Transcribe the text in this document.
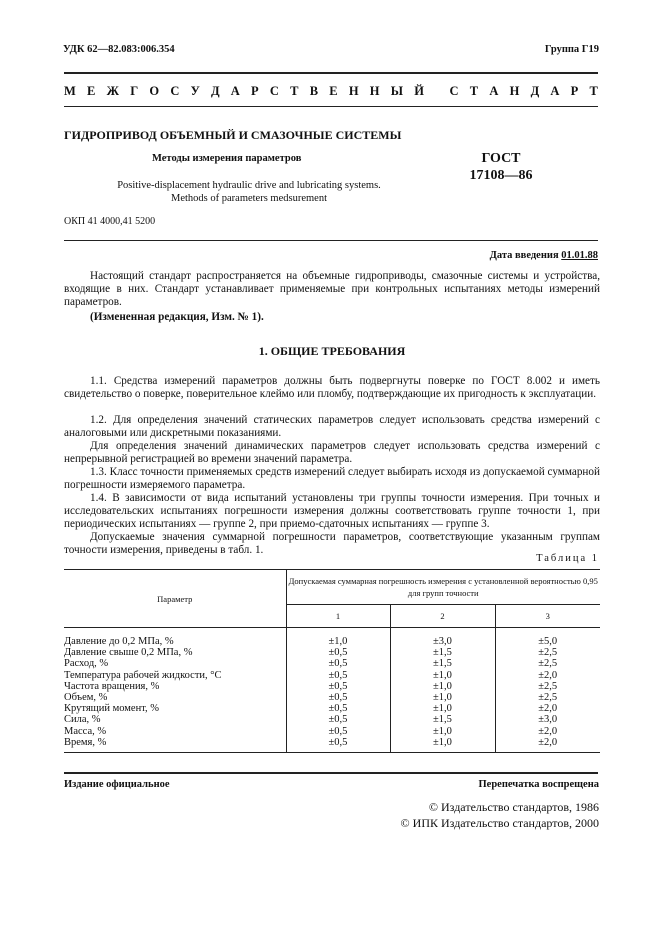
УДК 62—82.083:006.354	Группа Г19
М Е Ж Г О С У Д А Р С Т В Е Н Н Ы Й
С Т А Н Д А Р Т
ГИДРОПРИВОД ОБЪЕМНЫЙ И СМАЗОЧНЫЕ СИСТЕМЫ
Методы измерения параметров	ГОСТ
17108—86
Positive-displacement hydraulic drive and lubricating systems.
Methods of parameters medsurement
ОКП 41 4000,41 5200
Дата введения 01.01.88
Настоящий стандарт распространяется на объемные гидроприводы, смазочные системы и устройства, входящие в них. Стандарт устанавливает применяемые при контрольных испытаниях методы измерений параметров.
(Измененная редакция, Изм. № 1).
1. ОБЩИЕ ТРЕБОВАНИЯ
1.1. Средства измерений параметров должны быть подвергнуты поверке по ГОСТ 8.002 и иметь свидетельство о поверке, поверительное клеймо или пломбу, подтверждающие их пригодность к эксплуатации.
1.2. Для определения значений статических параметров следует использовать средства измерений с аналоговыми или дискретными показаниями.
Для определения значений динамических параметров следует использовать средства измерений с непрерывной регистрацией во времени значений параметра.
1.3. Класс точности применяемых средств измерений следует выбирать исходя из допускаемой суммарной погрешности измеряемого параметра.
1.4. В зависимости от вида испытаний установлены три группы точности измерения. При точных и исследовательских испытаниях погрешности измерения должны соответствовать группе точности 1, при периодических испытаниях — группе 2, при приемо-сдаточных испытаниях — группе 3.
Допускаемые значения суммарной погрешности параметров, соответствующие указанным группам точности измерения, приведены в табл. 1.
Таблица 1
Параметр	Допускаемая суммарная погрешность измерения с установленной вероятностью 0,95 для групп точности		
	1	2	3
Давление до 0,2 МПа, %	±1,0	±3,0	±5,0
Давление свыше 0,2 МПа, %	±0,5	±1,5	±2,5
Расход, %	±0,5	±1,5	±2,5
Температура рабочей жидкости, °С	±0,5	±1,0	±2,0
Частота вращения, %	±0,5	±1,0	±2,5
Объем, %	±0,5	±1,0	±2,5
Крутящий момент, %	±0,5	±1,0	±2,0
Сила, %	±0,5	±1,5	±3,0
Масса, %	±0,5	±1,0	±2,0
Время, %	±0,5	±1,0	±2,0
Издание официальное	Перепечатка воспрещена
© Издательство стандартов, 1986
© ИПК Издательство стандартов, 2000
